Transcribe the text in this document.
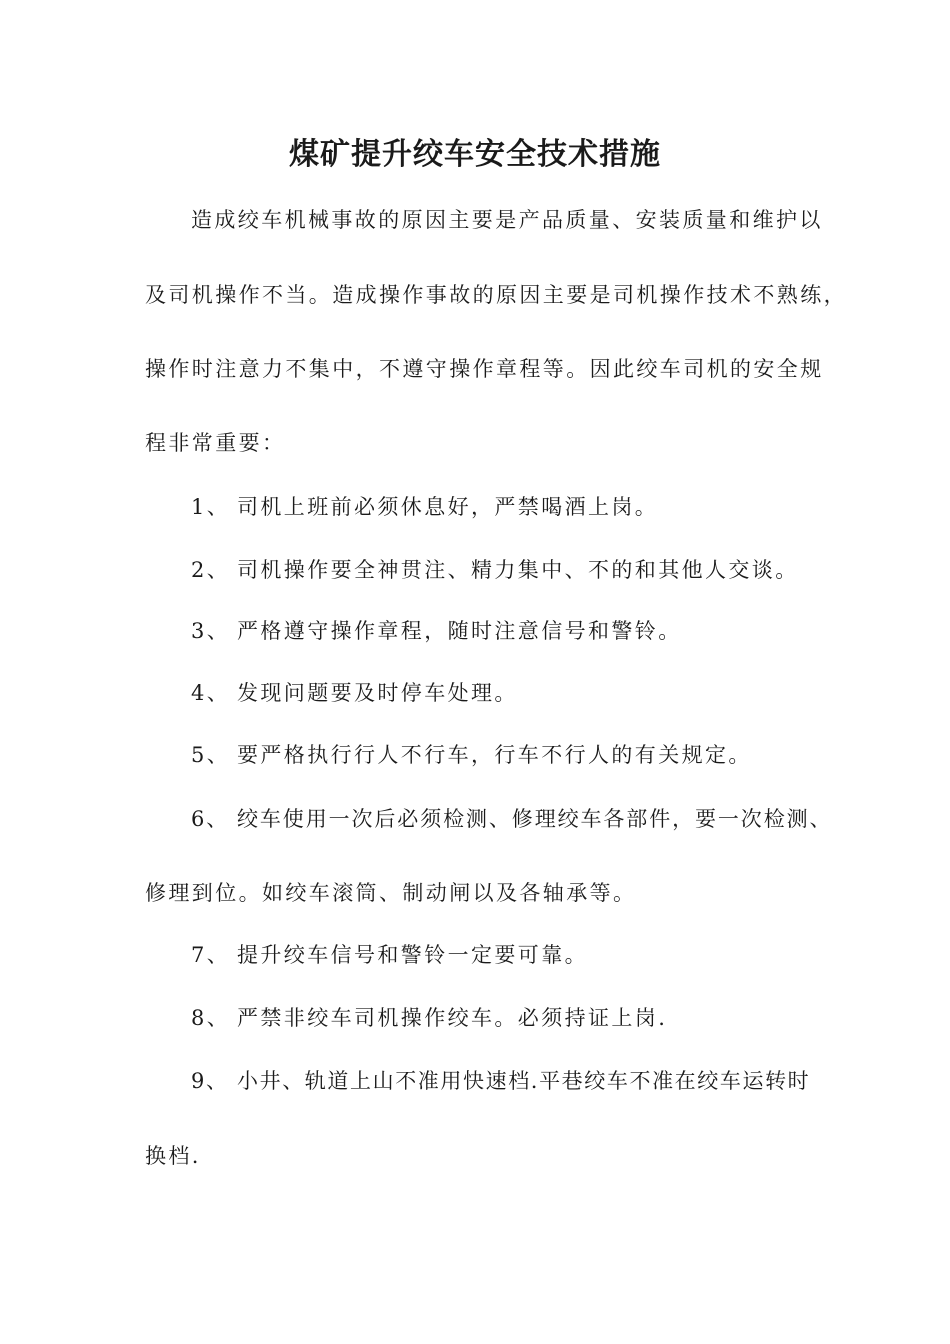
煤矿提升绞车安全技术措施
造成绞车机械事故的原因主要是产品质量、安装质量和维护以
及司机操作不当。造成操作事故的原因主要是司机操作技术不熟练，
操作时注意力不集中，不遵守操作章程等。因此绞车司机的安全规
程非常重要：
1、 司机上班前必须休息好，严禁喝酒上岗。
2、 司机操作要全神贯注、精力集中、不的和其他人交谈。
3、 严格遵守操作章程，随时注意信号和警铃。
4、 发现问题要及时停车处理。
5、 要严格执行行人不行车，行车不行人的有关规定。
6、 绞车使用一次后必须检测、修理绞车各部件，要一次检测、
修理到位。如绞车滚筒、制动闸以及各轴承等。
7、 提升绞车信号和警铃一定要可靠。
8、 严禁非绞车司机操作绞车。必须持证上岗.
9、 小井、轨道上山不准用快速档.平巷绞车不准在绞车运转时
换档.
